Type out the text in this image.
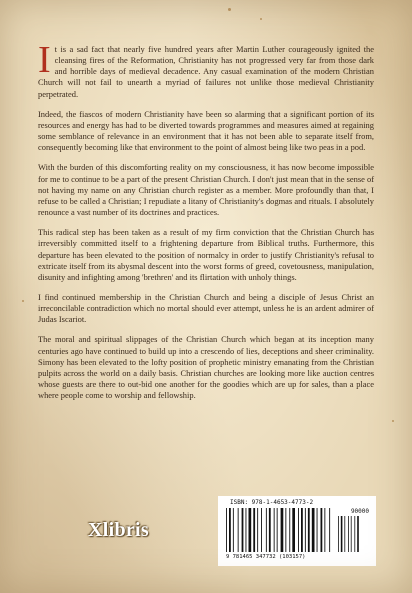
It is a sad fact that nearly five hundred years after Martin Luther courageously ignited the cleansing fires of the Reformation, Christianity has not progressed very far from those dark and horrible days of medieval decadence. Any casual examination of the modern Christian Church will not fail to unearth a myriad of failures not unlike those medieval Christianity perpetrated.

Indeed, the fiascos of modern Christianity have been so alarming that a significant portion of its resources and energy has had to be diverted towards programmes and measures aimed at regaining some semblance of relevance in an environment that it has not been able to separate itself from, consequently becoming like that environment to the point of almost being like two peas in a pod.

With the burden of this discomforting reality on my consciousness, it has now become impossible for me to continue to be a part of the present Christian Church. I don't just mean that in the sense of not having my name on any Christian church register as a member. More profoundly than that, I refuse to be called a Christian; I repudiate a litany of Christianity's dogmas and rituals. I absolutely renounce a vast number of its doctrines and practices.

This radical step has been taken as a result of my firm conviction that the Christian Church has irreversibly committed itself to a frightening departure from Biblical truths. Furthermore, this departure has been elevated to the position of normalcy in order to justify Christianity's refusal to extricate itself from its abysmal descent into the worst forms of greed, covetousness, manipulation, disunity and infighting among 'brethren' and its flirtation with unholy things.

I find continued membership in the Christian Church and being a disciple of Jesus Christ an irreconcilable contradiction which no mortal should ever attempt, unless he is an ardent admirer of Judas Iscariot.

The moral and spiritual slippages of the Christian Church which began at its inception many centuries ago have continued to build up into a crescendo of lies, deceptions and sheer criminality. Simony has been elevated to the lofty position of prophetic ministry emanating from the Christian pulpits across the world on a daily basis. Christian churches are looking more like auction centres whose guests are there to out-bid one another for the goodies which are up for sales, than a place where people come to worship and fellowship.

Xlibris
ISBN: 978-1-4653-4773-2
90000
9 781465 347732 (103157)
